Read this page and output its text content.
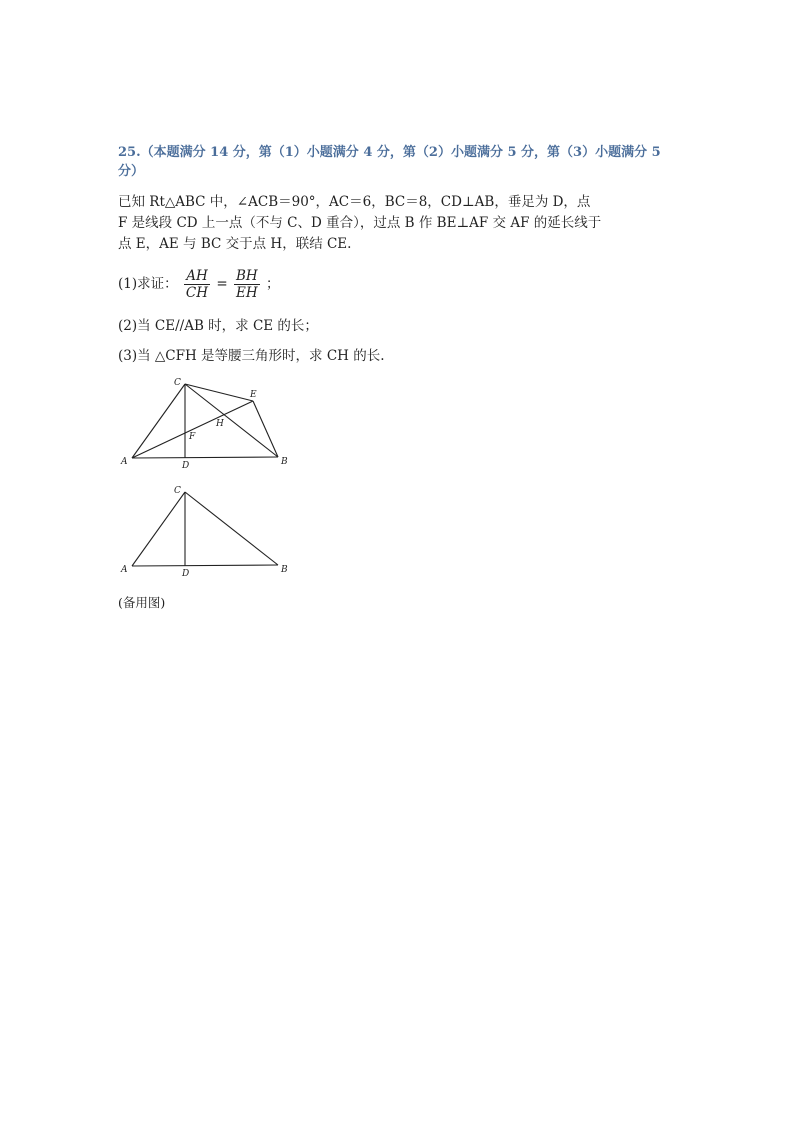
25.（本题满分 14 分，第（1）小题满分 4 分，第（2）小题满分 5 分，第（3）小题满分 5 分）
已知 Rt△ABC 中，∠ACB＝90°，AC＝6，BC＝8，CD⊥AB，垂足为 D，点
F 是线段 CD 上一点（不与 C、D 重合），过点 B 作 BE⊥AF 交 AF 的延长线于
点 E，AE 与 BC 交于点 H，联结 CE.
(1)求证： $\frac{AH}{CH} = \frac{BH}{EH}$ ；
(2)当 CE//AB 时，求 CE 的长；
(3)当 △CFH 是等腰三角形时，求 CH 的长.
C
A	B
D
E
F
H
C
A	B
D
(备用图)
